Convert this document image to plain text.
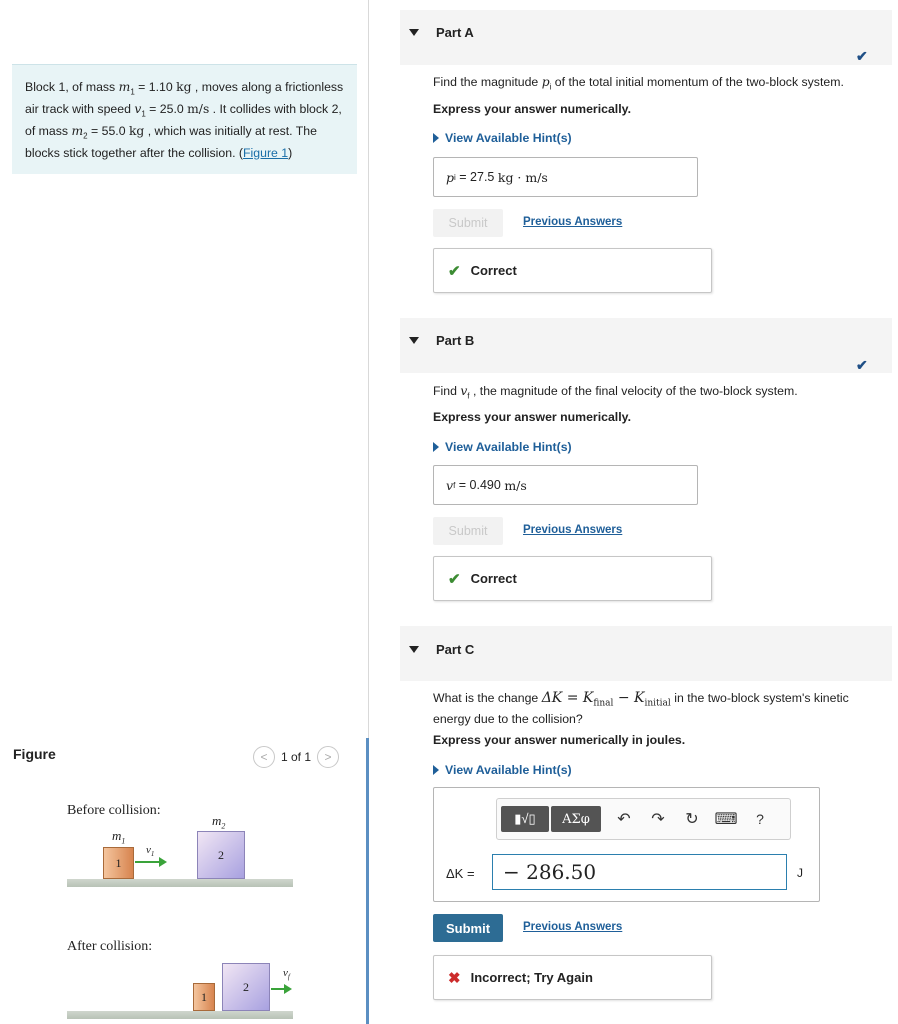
Block 1, of mass $m_1 = 1.10$ kg , moves along a frictionless air track with speed $v_1 = 25.0$ m/s . It collides with block 2, of mass $m_2 = 55.0$ kg , which was initially at rest. The blocks stick together after the collision. (Figure 1)
Figure	< 1 of 1 >
Before collision:
$m_1$
$m_2$
$v_1$
1
2
After collision:
1
2
$v_f$
Part A
✔
Find the magnitude $p_i$ of the total initial momentum of the two-block system.
Express your answer numerically.
View Available Hint(s)
p i = 27.5
kg · m/s
Submit	Previous Answers
✔ Correct
Part B
✔
Find $v_f$ , the magnitude of the final velocity of the two-block system.
Express your answer numerically.
View Available Hint(s)
v f = 0.490
m/s
Submit	Previous Answers
✔ Correct
Part C
What is the change $\Delta K = K_{final} - K_{initial}$ in the two-block system's kinetic energy due to the collision?
Express your answer numerically in joules.
View Available Hint(s)
▮√▯	ΑΣφ	↶	↷	↻ ⌨	?
ΔK =	− 286.50	J
Submit	Previous Answers
✖ Incorrect; Try Again
